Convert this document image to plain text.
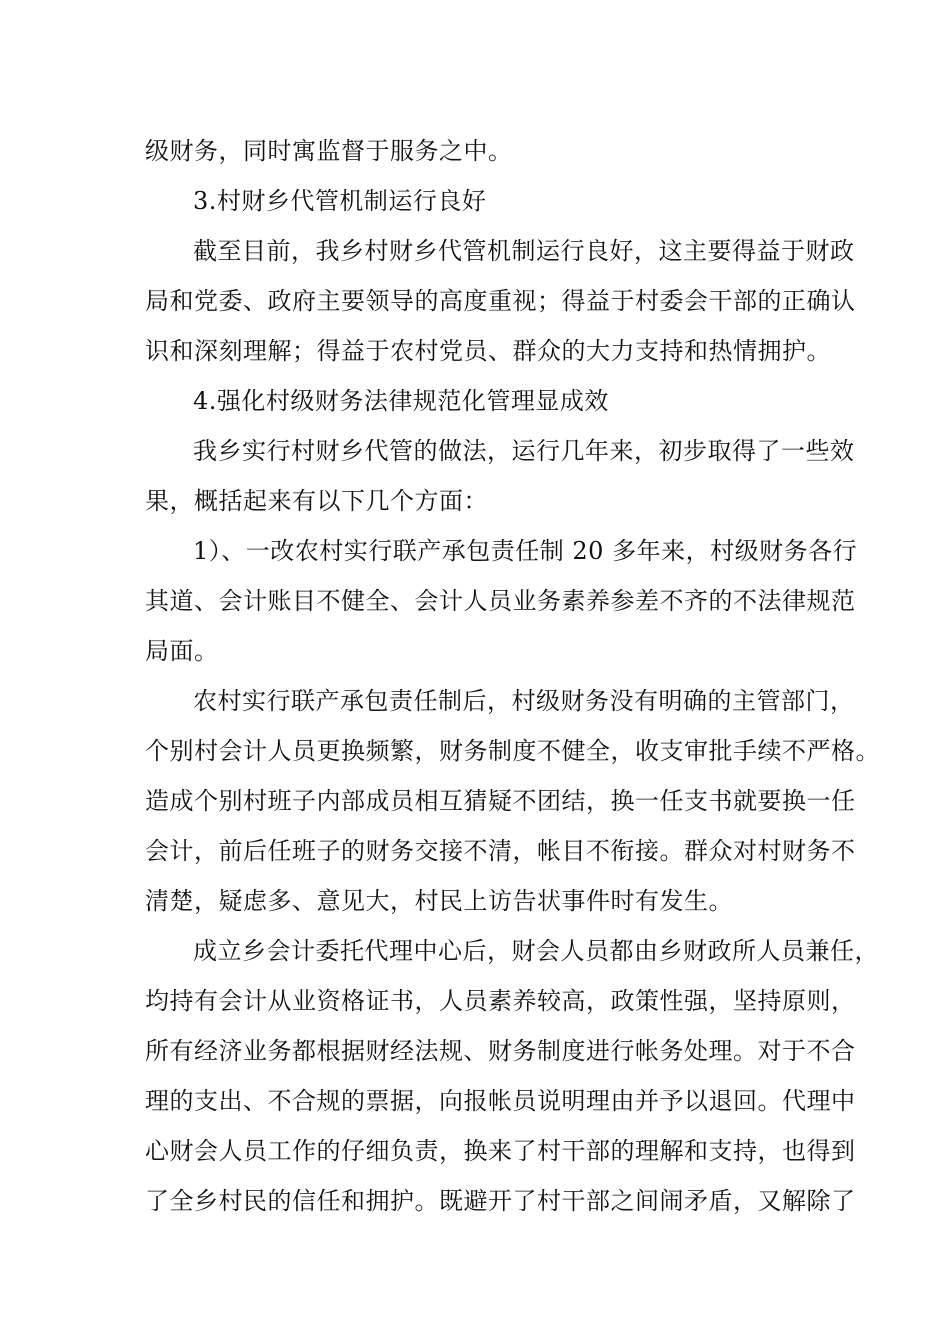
级财务，同时寓监督于服务之中。
3.村财乡代管机制运行良好
截至目前，我乡村财乡代管机制运行良好，这主要得益于财政
局和党委、政府主要领导的高度重视；得益于村委会干部的正确认
识和深刻理解；得益于农村党员、群众的大力支持和热情拥护。
4.强化村级财务法律规范化管理显成效
我乡实行村财乡代管的做法，运行几年来，初步取得了一些效
果，概括起来有以下几个方面：
1）、一改农村实行联产承包责任制 20 多年来，村级财务各行
其道、会计账目不健全、会计人员业务素养参差不齐的不法律规范
局面。
农村实行联产承包责任制后，村级财务没有明确的主管部门，
个别村会计人员更换频繁，财务制度不健全，收支审批手续不严格。
造成个别村班子内部成员相互猜疑不团结，换一任支书就要换一任
会计，前后任班子的财务交接不清，帐目不衔接。群众对村财务不
清楚，疑虑多、意见大，村民上访告状事件时有发生。
成立乡会计委托代理中心后，财会人员都由乡财政所人员兼任，
均持有会计从业资格证书，人员素养较高，政策性强，坚持原则，
所有经济业务都根据财经法规、财务制度进行帐务处理。对于不合
理的支出、不合规的票据，向报帐员说明理由并予以退回。代理中
心财会人员工作的仔细负责，换来了村干部的理解和支持，也得到
了全乡村民的信任和拥护。既避开了村干部之间闹矛盾，又解除了
